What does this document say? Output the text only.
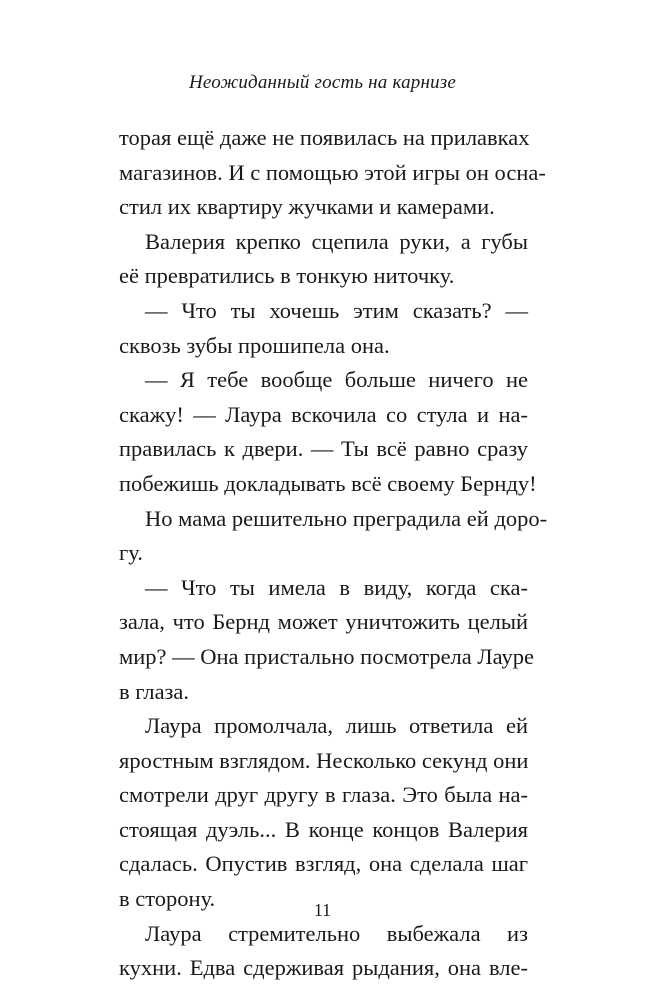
Неожиданный гость на карнизе
торая ещё даже не появилась на прилавках
магазинов. И с помощью этой игры он осна-
стил их квартиру жучками и камерами.
Валерия крепко сцепила руки, а губы
её превратились в тонкую ниточку.
— Что ты хочешь этим сказать? —
сквозь зубы прошипела она.
— Я тебе вообще больше ничего не
скажу! — Лаура вскочила со стула и на-
правилась к двери. — Ты всё равно сразу
побежишь докладывать всё своему Бернду!
Но мама решительно преградила ей доро-
гу.
— Что ты имела в виду, когда ска-
зала, что Бернд может уничтожить целый
мир? — Она пристально посмотрела Лауре
в глаза.
Лаура промолчала, лишь ответила ей
яростным взглядом. Несколько секунд они
смотрели друг другу в глаза. Это была на-
стоящая дуэль... В конце концов Валерия
сдалась. Опустив взгляд, она сделала шаг
в сторону.
Лаура стремительно выбежала из
кухни. Едва сдерживая рыдания, она вле-
11
